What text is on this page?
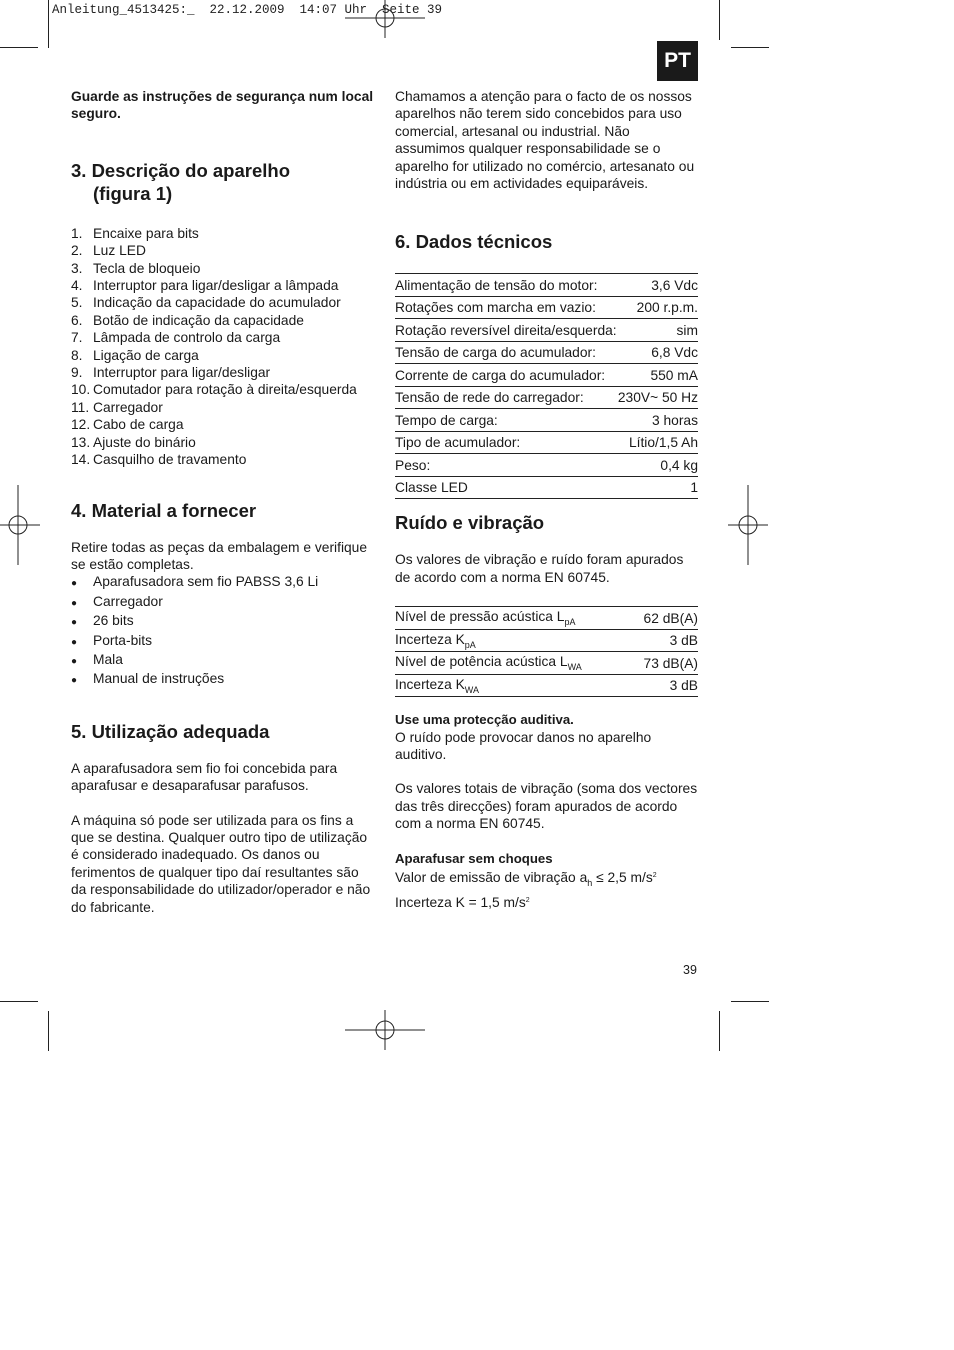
Anleitung_4513425:_  22.12.2009  14:07 Uhr  Seite 39
PT

Guarde as instruções de segurança num local seguro.

3. Descrição do aparelho
(figura 1)
1. Encaixe para bits
2. Luz LED
3. Tecla de bloqueio
4. Interruptor para ligar/desligar a lâmpada
5. Indicação da capacidade do acumulador
6. Botão de indicação da capacidade
7. Lâmpada de controlo da carga
8. Ligação de carga
9. Interruptor para ligar/desligar
10. Comutador para rotação à direita/esquerda
11. Carregador
12. Cabo de carga
13. Ajuste do binário
14. Casquilho de travamento
4. Material a fornecer

Retire todas as peças da embalagem e verifique se estão completas.

●	Aparafusadora sem fio PABSS 3,6 Li
●	Carregador
●	26 bits
●	Porta-bits
●	Mala
●	Manual de instruções
5. Utilização adequada

A aparafusadora sem fio foi concebida para aparafusar e desaparafusar parafusos.

A máquina só pode ser utilizada para os fins a que se destina. Qualquer outro tipo de utilização é considerado inadequado. Os danos ou ferimentos de qualquer tipo daí resultantes são da responsabilidade do utilizador/operador e não do fabricante.

Chamamos a atenção para o facto de os nossos aparelhos não terem sido concebidos para uso comercial, artesanal ou industrial. Não assumimos qualquer responsabilidade se o aparelho for utilizado no comércio, artesanato ou indústria ou em actividades equiparáveis.

6. Dados técnicos
Alimentação de tensão do motor:	3,6 Vdc
Rotações com marcha em vazio:	200 r.p.m.
Rotação reversível direita/esquerda:	sim
Tensão de carga do acumulador:	6,8 Vdc
Corrente de carga do acumulador:	550 mA
Tensão de rede do carregador:	230V~ 50 Hz
Tempo de carga:	3 horas
Tipo de acumulador:	Lítio/1,5 Ah
Peso:	0,4 kg
Classe LED	1
Ruído e vibração

Os valores de vibração e ruído foram apurados de acordo com a norma EN 60745.

Nível de pressão acústica $L_{pA}$	62 dB(A)
Incerteza $K_{pA}$	3 dB
Nível de potência acústica $L_{WA}$	73 dB(A)
Incerteza $K_{WA}$	3 dB

Use uma protecção auditiva.

O ruído pode provocar danos no aparelho auditivo.

Os valores totais de vibração (soma dos vectores das três direcções) foram apurados de acordo com a norma EN 60745.

Aparafusar sem choques

Valor de emissão de vibração $a_h \le 2,5$ $m/s^2$

Incerteza K = 1,5 $m/s^2$

39
